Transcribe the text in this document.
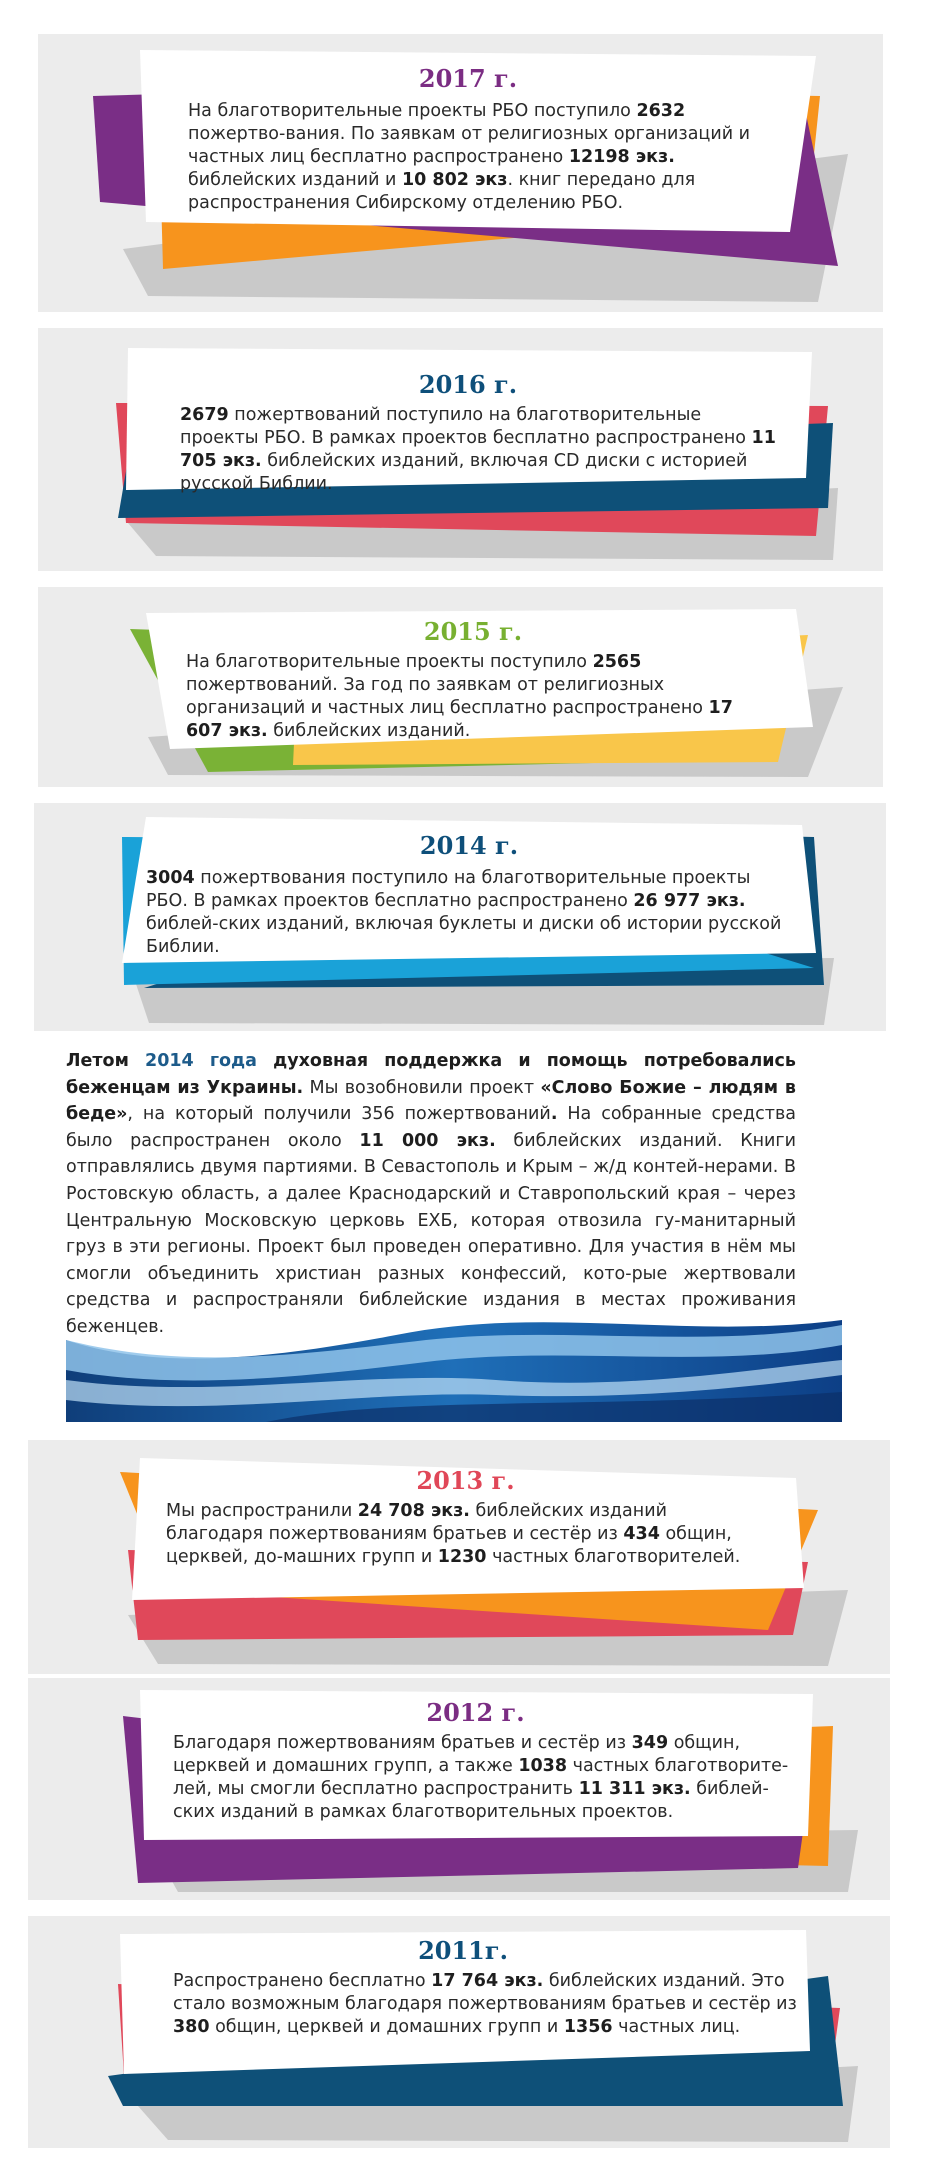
2017 г.
На благотворительные проекты РБО поступило 2632 пожертво-вания. По заявкам от религиозных организаций и частных лиц бесплатно распространено 12198 экз. библейских изданий и 10 802 экз. книг передано для распространения Сибирскому отделению РБО.
2016 г.
2679 пожертвований поступило на благотворительные проекты РБО. В рамках проектов бесплатно распространено 11 705 экз. библейских изданий, включая CD диски с историей русской Библии.
2015 г.
На благотворительные проекты поступило 2565 пожертвований. За год по заявкам от религиозных организаций и частных лиц бесплатно распространено 17 607 экз. библейских изданий.
2014 г.
3004 пожертвования поступило на благотворительные проекты РБО. В рамках проектов бесплатно распространено 26 977 экз. библей-ских изданий, включая буклеты и диски об истории русской Библии.
Летом 2014 года духовная поддержка и помощь потребовались беженцам из Украины. Мы возобновили проект «Слово Божие – людям в беде», на который получили 356 пожертвований. На собранные средства было распространен около 11 000 экз. библейских изданий. Книги отправлялись двумя партиями. В Севастополь и Крым – ж/д контей-нерами. В Ростовскую область, а далее Краснодарский и Ставропольский края – через Центральную Московскую церковь ЕХБ, которая отвозила гу-манитарный груз в эти регионы. Проект был проведен оперативно. Для участия в нём мы смогли объединить христиан разных конфессий, кото-рые жертвовали средства и распространяли библейские издания в местах проживания беженцев.
2013 г.
Мы распространили 24 708 экз. библейских изданий благодаря пожертвованиям братьев и сестёр из 434 общин, церквей, до-машних групп и 1230 частных благотворителей.
2012 г.
Благодаря пожертвованиям братьев и сестёр из 349 общин, церквей и домашних групп, а также 1038 частных благотворите-лей, мы смогли бесплатно распространить 11 311 экз. библей-ских изданий в рамках благотворительных проектов.
2011г.
Распространено бесплатно 17 764 экз. библейских изданий. Это стало возможным благодаря пожертвованиям братьев и сестёр из 380 общин, церквей и домашних групп и 1356 частных лиц.
